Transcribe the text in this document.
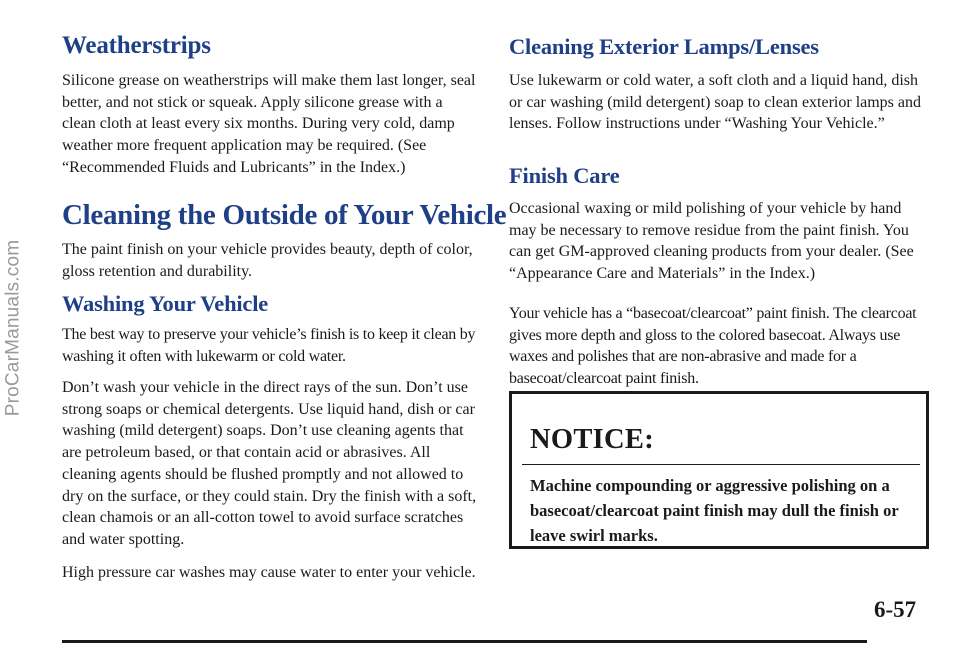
ProCarManuals.com
Weatherstrips

Silicone grease on weatherstrips will make them last longer, seal better, and not stick or squeak. Apply silicone grease with a clean cloth at least every six months. During very cold, damp weather more frequent application may be required. (See “Recommended Fluids and Lubricants” in the Index.)

Cleaning the Outside of Your Vehicle

The paint finish on your vehicle provides beauty, depth of color, gloss retention and durability.

Washing Your Vehicle

The best way to preserve your vehicle’s finish is to keep it clean by washing it often with lukewarm or cold water.

Don’t wash your vehicle in the direct rays of the sun. Don’t use strong soaps or chemical detergents. Use liquid hand, dish or car washing (mild detergent) soaps. Don’t use cleaning agents that are petroleum based, or that contain acid or abrasives. All cleaning agents should be flushed promptly and not allowed to dry on the surface, or they could stain. Dry the finish with a soft, clean chamois or an all-cotton towel to avoid surface scratches and water spotting.

High pressure car washes may cause water to enter your vehicle.

Cleaning Exterior Lamps/Lenses

Use lukewarm or cold water, a soft cloth and a liquid hand, dish or car washing (mild detergent) soap to clean exterior lamps and lenses. Follow instructions under “Washing Your Vehicle.”

Finish Care

Occasional waxing or mild polishing of your vehicle by hand may be necessary to remove residue from the paint finish. You can get GM-approved cleaning products from your dealer. (See “Appearance Care and Materials” in the Index.)

Your vehicle has a “basecoat/clearcoat” paint finish. The clearcoat gives more depth and gloss to the colored basecoat. Always use waxes and polishes that are non-abrasive and made for a basecoat/clearcoat paint finish.

NOTICE:
Machine compounding or aggressive polishing on a basecoat/clearcoat paint finish may dull the finish or leave swirl marks.
6-57
